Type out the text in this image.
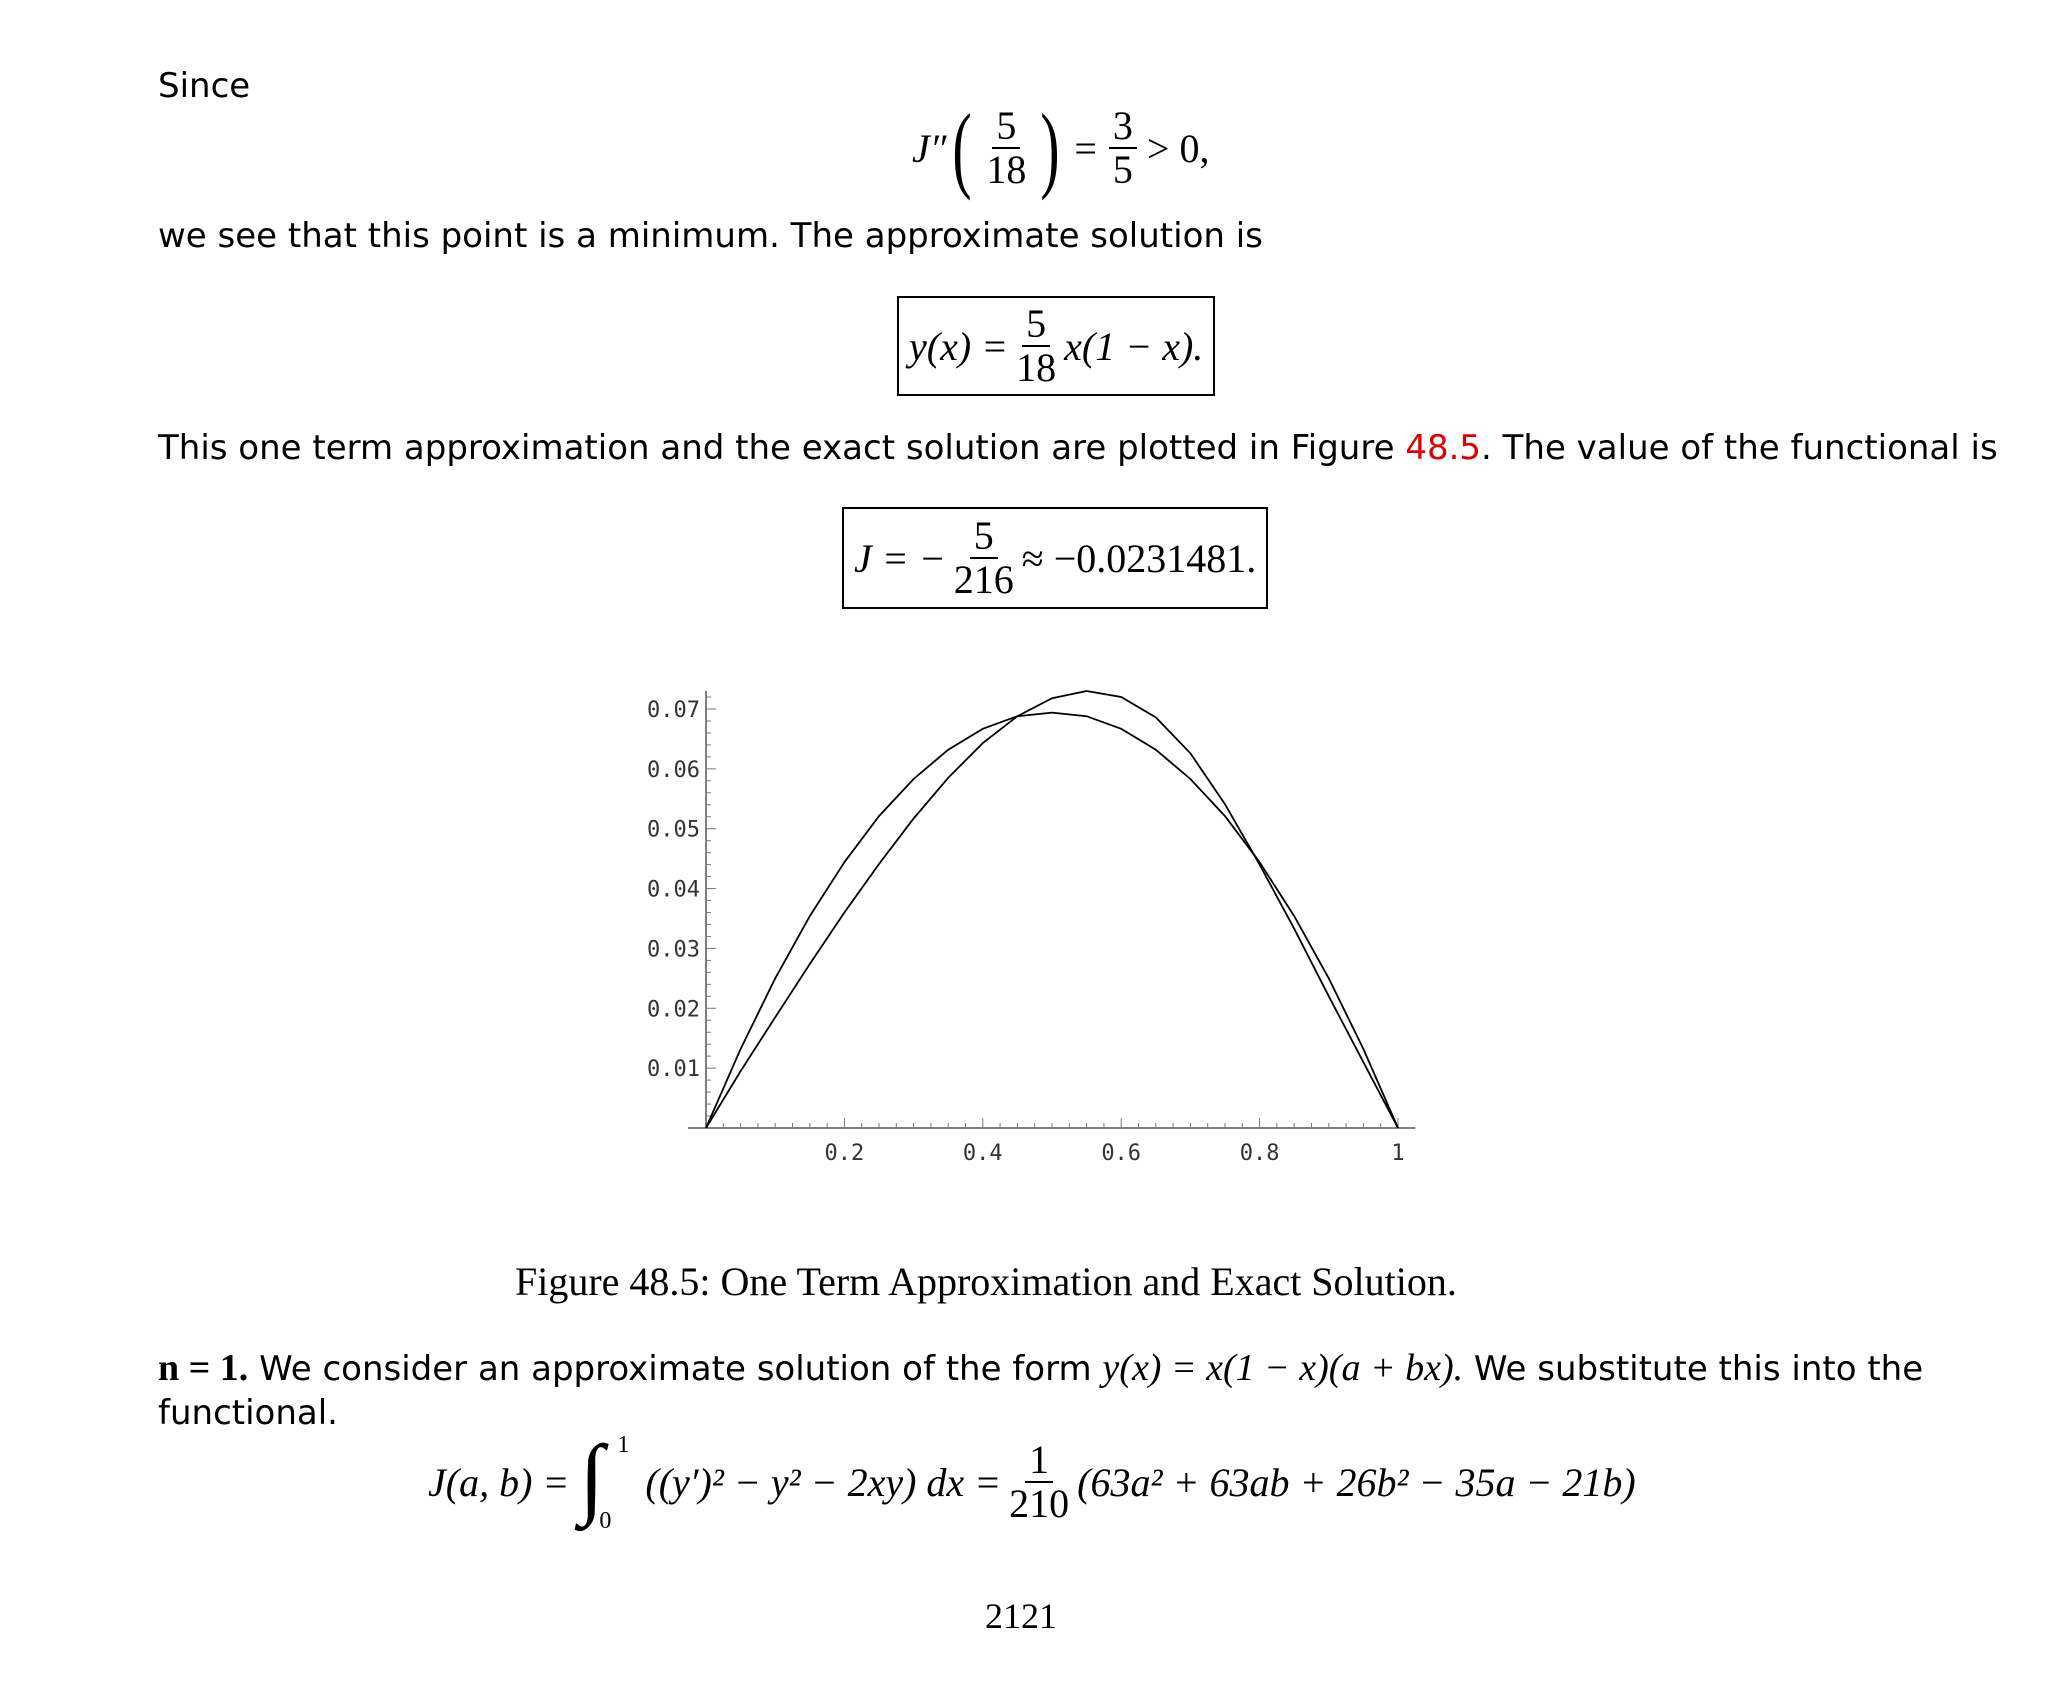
Since
J″ ( $\frac{5}{18}$ ) = $\frac{3}{5} > 0$,
we see that this point is a minimum. The approximate solution is
$y(x) = \frac{5}{18} x(1 - x)$.
This one term approximation and the exact solution are plotted in Figure 48.5. The value of the functional is
J = − $\frac{5}{216} \approx -0.0231481$.
0.2	0.4	0.6	0.8	1
0.01
0.02
0.03
0.04
0.05
0.06
0.07
Figure 48.5: One Term Approximation and Exact Solution.
n = 1. We consider an approximate solution of the form y(x) = x(1 − x)(a + bx). We substitute this into the
functional.
J(a, b) = ∫ 1
0
((y′)² − y² − 2xy) dx = $\frac{1}{210} (63a^2 + 63ab + 26b^2 - 35a - 21b)$
2121
